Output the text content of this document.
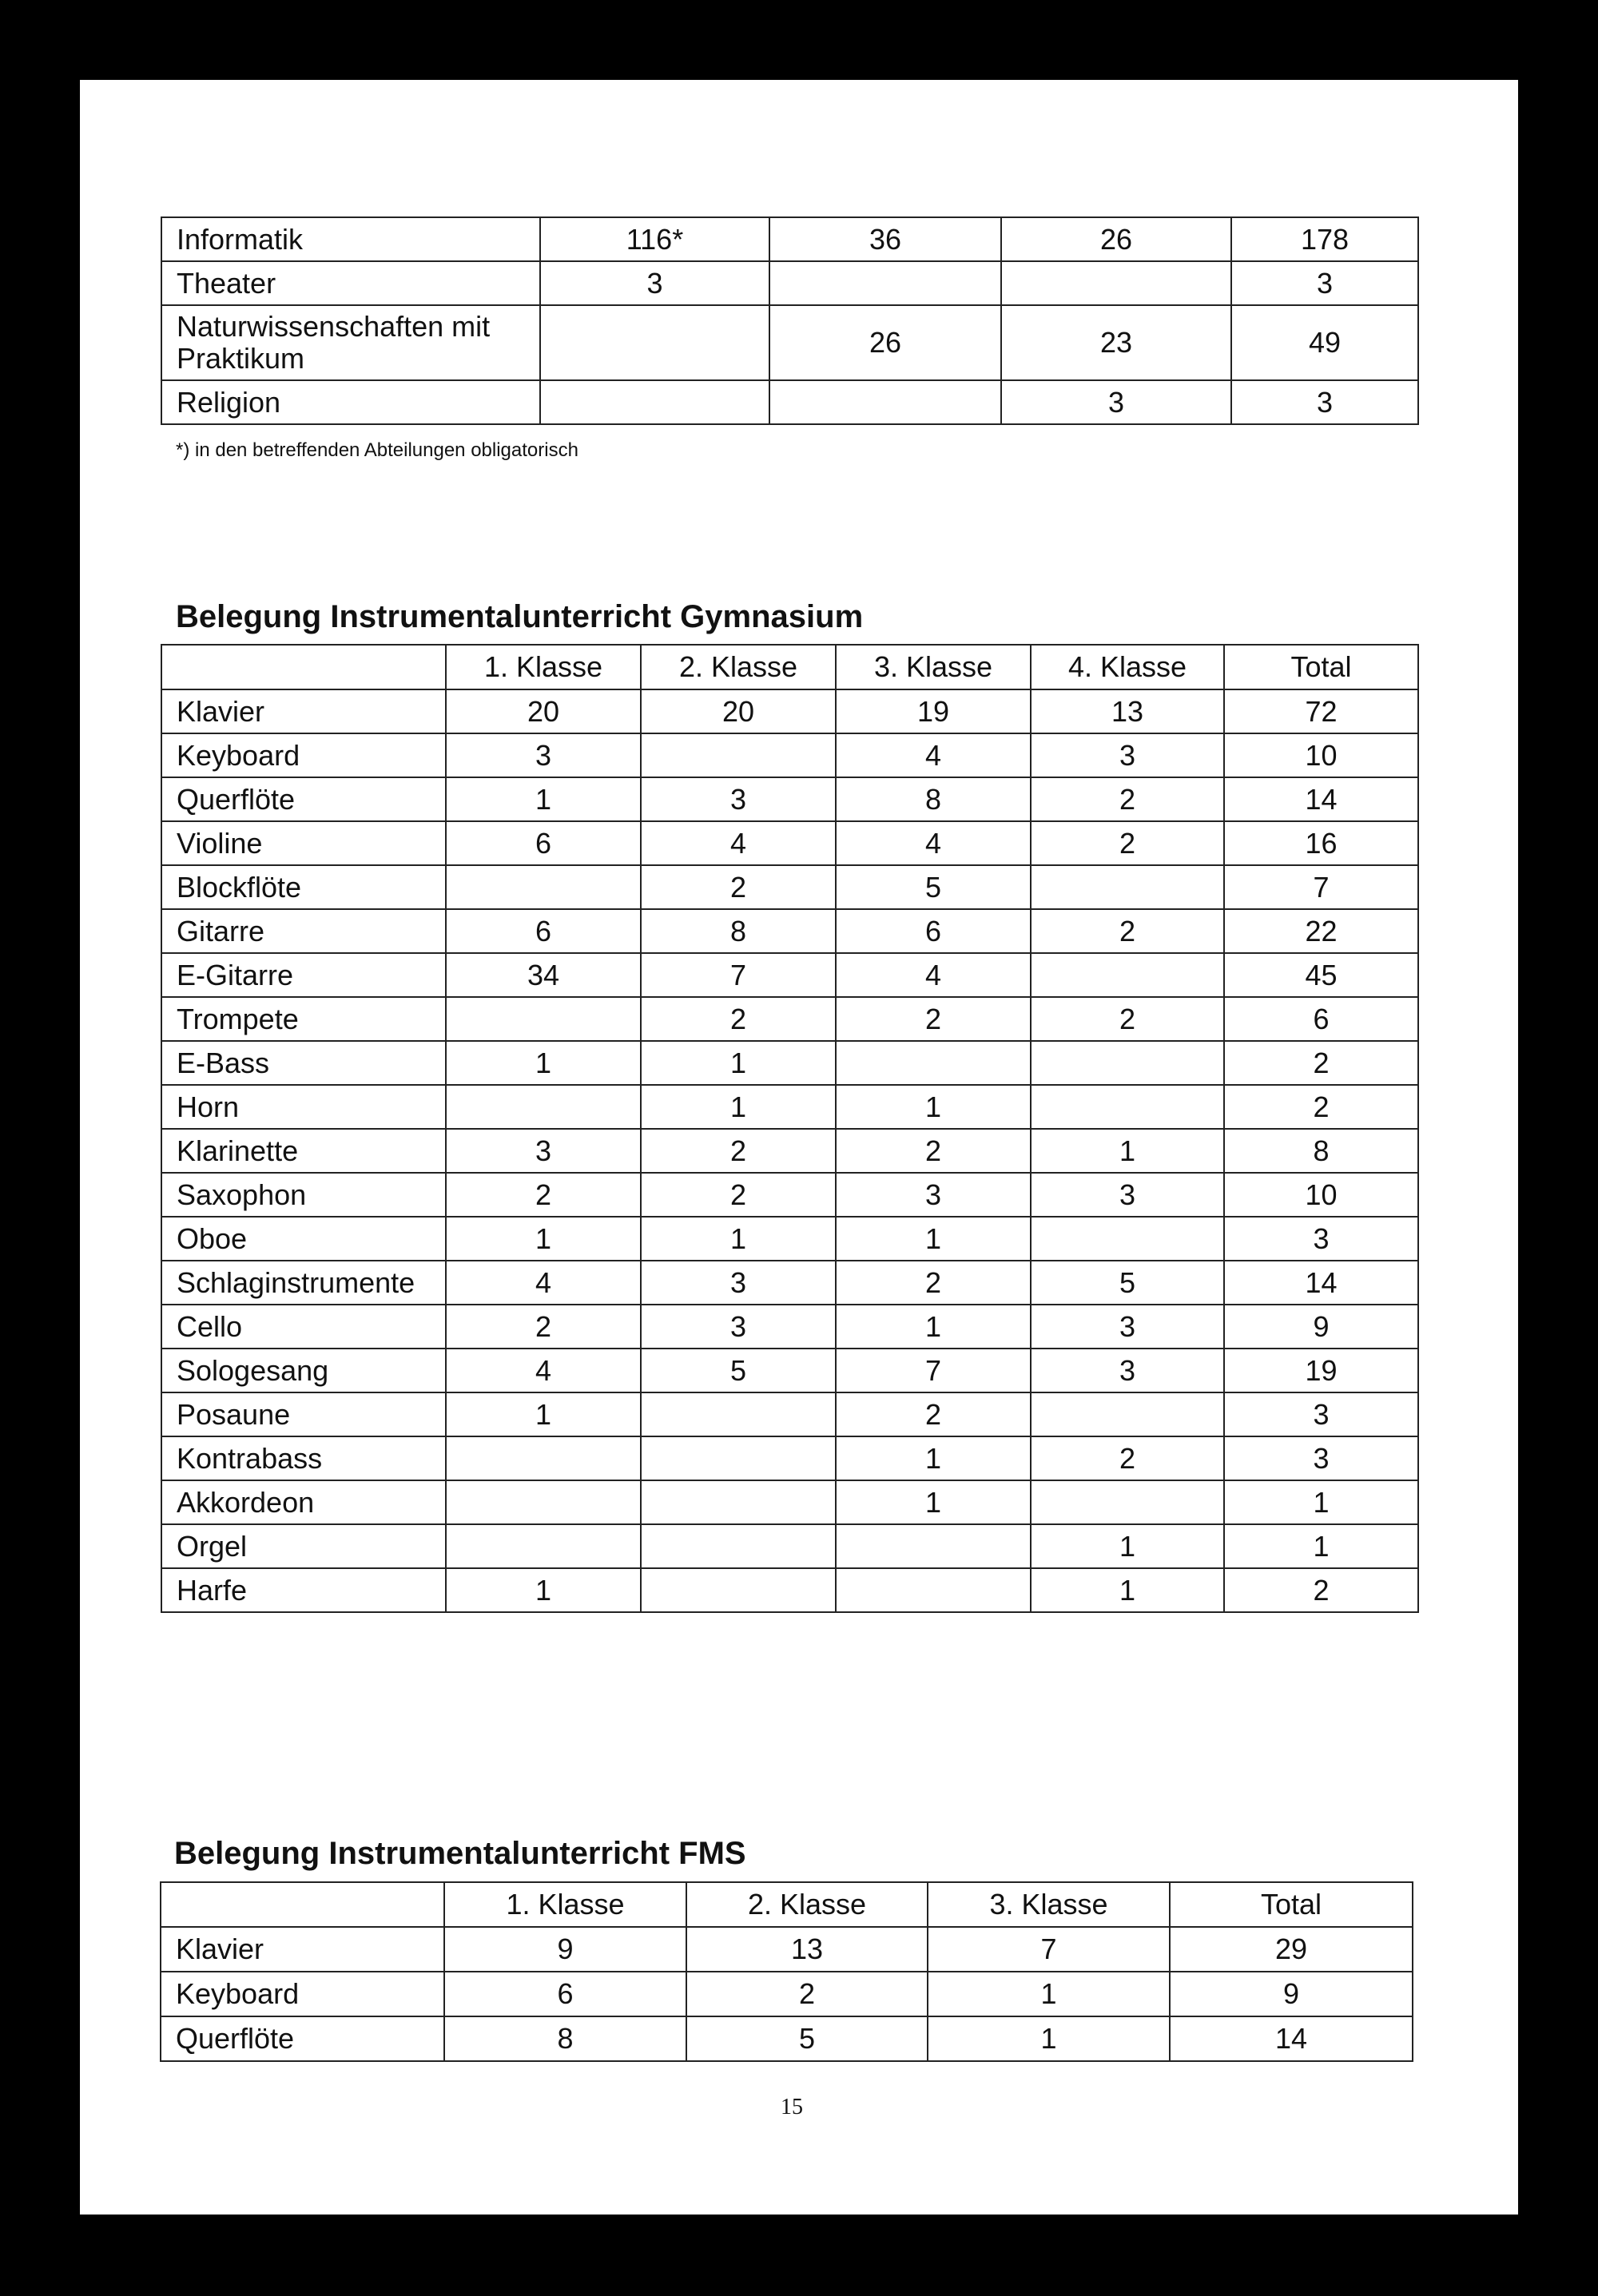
Informatik	116*	36	26	178
Theater	3			3
Naturwissenschaften mit Praktikum		26	23	49
Religion			3	3
*) in den betreffenden Abteilungen obligatorisch
Belegung Instrumentalunterricht Gymnasium
	1. Klasse	2. Klasse	3. Klasse	4. Klasse	Total
Klavier	20	20	19	13	72
Keyboard	3		4	3	10
Querflöte	1	3	8	2	14
Violine	6	4	4	2	16
Blockflöte		2	5		7
Gitarre	6	8	6	2	22
E-Gitarre	34	7	4		45
Trompete		2	2	2	6
E-Bass	1	1			2
Horn		1	1		2
Klarinette	3	2	2	1	8
Saxophon	2	2	3	3	10
Oboe	1	1	1		3
Schlaginstrumente	4	3	2	5	14
Cello	2	3	1	3	9
Sologesang	4	5	7	3	19
Posaune	1		2		3
Kontrabass			1	2	3
Akkordeon			1		1
Orgel				1	1
Harfe	1			1	2
Belegung Instrumentalunterricht FMS
	1. Klasse	2. Klasse	3. Klasse	Total
Klavier	9	13	7	29
Keyboard	6	2	1	9
Querflöte	8	5	1	14
15
